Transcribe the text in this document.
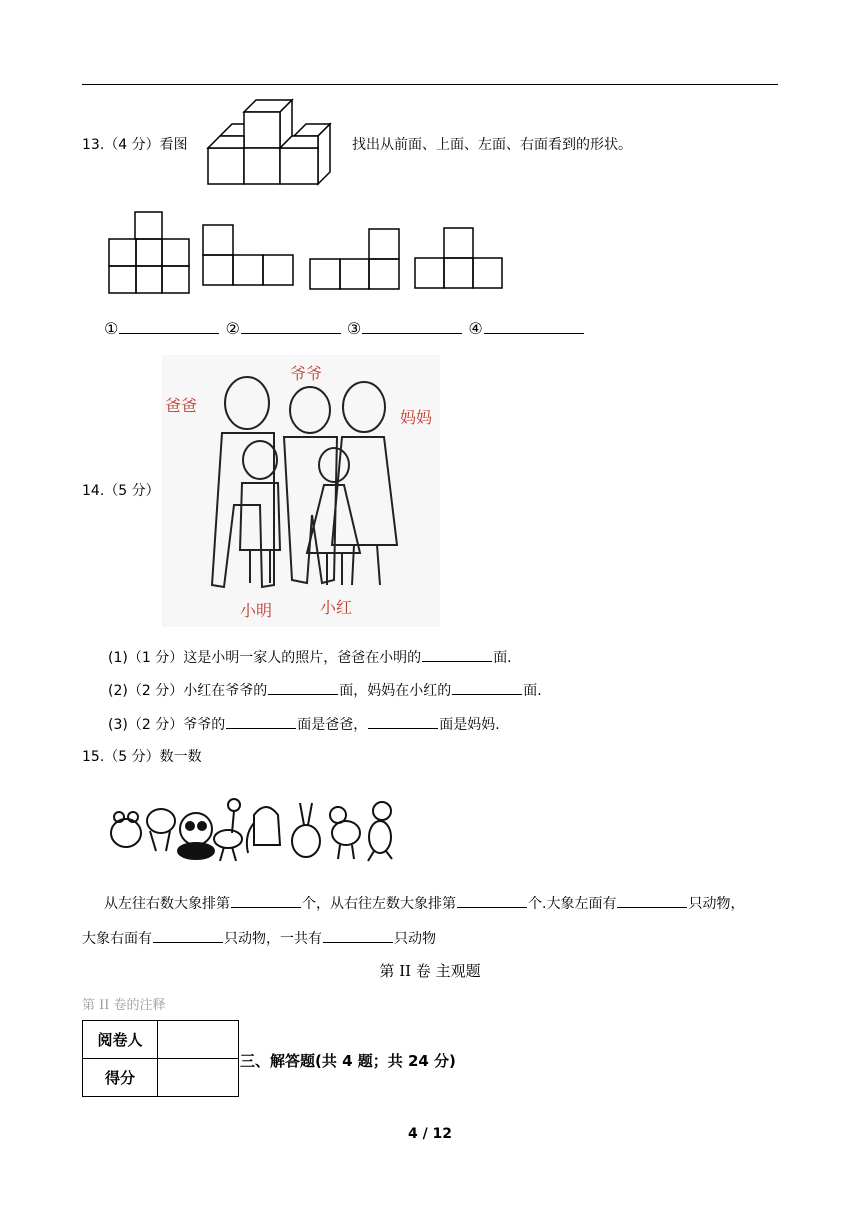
13.（4 分）看图	找出从前面、上面、左面、右面看到的形状。
①	②	③	④
14.（5 分）
爸爸
爷爷
妈妈
小明	小红
(1)（1 分）这是小明一家人的照片，爸爸在小明的	面.
(2)（2 分）小红在爷爷的	面，妈妈在小红的	面.
(3)（2 分）爷爷的	面是爸爸，	面是妈妈.
15.（5 分）数一数
从左往右数大象排第	个，从右往左数大象排第	个.大象左面有	只动物，
大象右面有	只动物，一共有	只动物
第 II 卷 主观题
第 II 卷的注释
阅卷人	
得分	
三、解答题(共 4 题；共 24 分)
4 / 12
